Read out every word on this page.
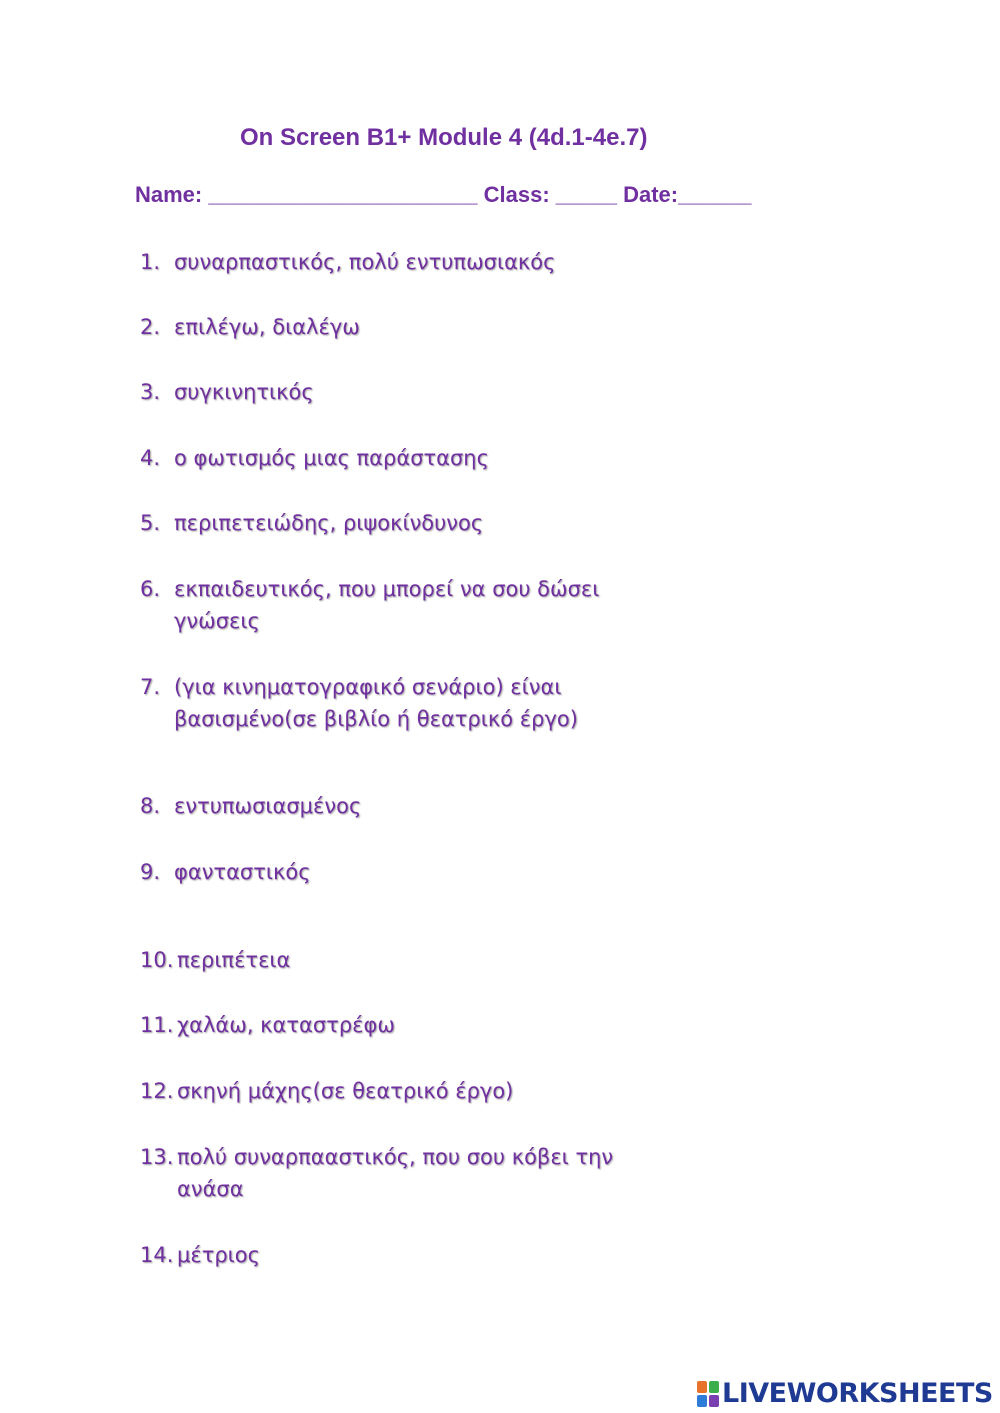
On Screen B1+ Module 4 (4d.1-4e.7)
Name: ______________________ Class: _____ Date:______
1. συναρπαστικός, πολύ εντυπωσιακός
2. επιλέγω, διαλέγω
3. συγκινητικός
4. ο φωτισμός μιας παράστασης
5. περιπετειώδης, ριψοκίνδυνος
6. εκπαιδευτικός, που μπορεί να σου δώσει
γνώσεις
7. (για κινηματογραφικό σενάριο) είναι
βασισμένο(σε βιβλίο ή θεατρικό έργο)
8. εντυπωσιασμένος
9. φανταστικός
10. περιπέτεια
11. χαλάω, καταστρέφω
12. σκηνή μάχης(σε θεατρικό έργο)
13. πολύ συναρπααστικός, που σου κόβει την
ανάσα
14. μέτριος
LIVEWORKSHEETS
